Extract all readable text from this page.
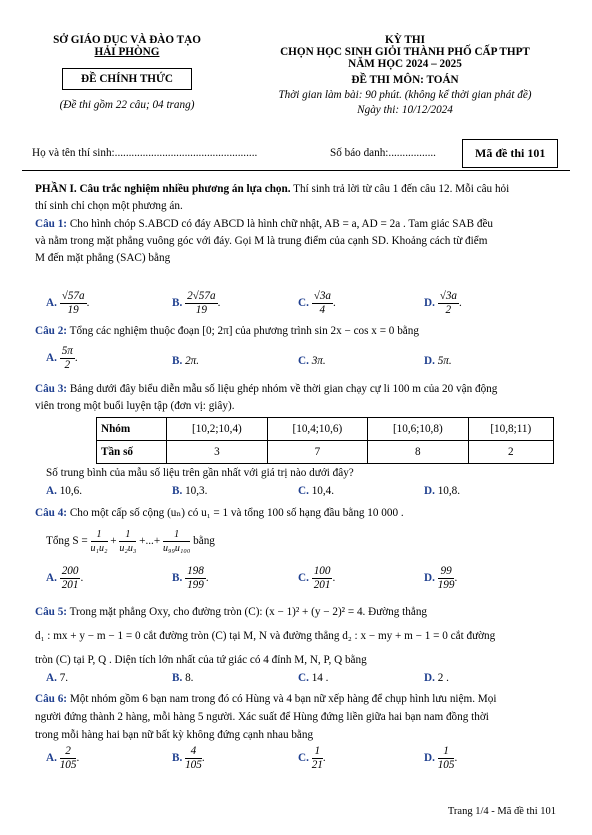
SỞ GIÁO DỤC VÀ ĐÀO TẠO
HẢI PHÒNG
ĐỀ CHÍNH THỨC
(Đề thi gồm 22 câu; 04 trang)
KỲ THI
CHỌN HỌC SINH GIỎI THÀNH PHỐ CẤP THPT
NĂM HỌC 2024 – 2025
ĐỀ THI MÔN: TOÁN
Thời gian làm bài: 90 phút. (không kể thời gian phát đề)
Ngày thi: 10/12/2024
Họ và tên thí sinh:...................................................	Số báo danh:.................	Mã đề thi 101
PHẦN I. Câu trắc nghiệm nhiều phương án lựa chọn. Thí sinh trả lời từ câu 1 đến câu 12. Mỗi câu hỏi
thí sinh chỉ chọn một phương án.
Câu 1: Cho hình chóp S.ABCD có đáy ABCD là hình chữ nhật, AB = a, AD = 2a . Tam giác SAB đều
và nằm trong mặt phẳng vuông góc với đáy. Gọi M là trung điểm của cạnh SD. Khoảng cách từ điểm
M đến mặt phẳng (SAC) bằng
A. $\frac{√57a}{19}$ .	B. $\frac{2√57a}{19}$ .	C. $\frac{√3a}{4}$ .	D. $\frac{√3a}{2}$ .
Câu 2: Tổng các nghiệm thuộc đoạn [0; 2π] của phương trình sin 2x − cos x = 0 bằng
A. $\frac{5\pi}{2}$ .	B. 2π.	C. 3π.	D. 5π.
Câu 3: Bảng dưới đây biểu diễn mẫu số liệu ghép nhóm về thời gian chạy cự li 100 m của 20 vận động
viên trong một buổi luyện tập (đơn vị: giây).
Nhóm	[10,2;10,4)	[10,4;10,6)	[10,6;10,8)	[10,8;11)
Tần số	3	7	8	2
Số trung bình của mẫu số liệu trên gần nhất với giá trị nào dưới đây?
A. 10,6.	B. 10,3.	C. 10,4.	D. 10,8.
Câu 4: Cho một cấp số cộng (uₙ) có u₁ = 1 và tổng 100 số hạng đầu bằng 10 000 .
Tổng $S = \frac{1}{\text{u₁u₂}} + \frac{1}{\text{u₂u₃}}$ +...+ $\frac{1}{\text{u₉₉u₁₀₀}}$ bằng
A. $\frac{200}{201}$ .	B. $\frac{198}{199}$ .	C. $\frac{100}{201}$ .	D. $\frac{99}{199}$ .
Câu 5: Trong mặt phẳng Oxy, cho đường tròn (C): (x − 1)² + (y − 2)² = 4. Đường thẳng
d₁ : mx + y − m − 1 = 0 cắt đường tròn (C) tại M, N và đường thẳng d₂ : x − my + m − 1 = 0 cắt đường
tròn (C) tại P, Q . Diện tích lớn nhất của tứ giác có 4 đỉnh M, N, P, Q bằng
A. 7.	B. 8.	C. 14 .	D. 2 .
Câu 6: Một nhóm gồm 6 bạn nam trong đó có Hùng và 4 bạn nữ xếp hàng để chụp hình lưu niệm. Mọi
người đứng thành 2 hàng, mỗi hàng 5 người. Xác suất để Hùng đứng liền giữa hai bạn nam đồng thời
trong mỗi hàng hai bạn nữ bất kỳ không đứng cạnh nhau bằng
A. $\frac{2}{105}$ .	B. $\frac{4}{105}$ .	C. $\frac{1}{21}$ .	D. $\frac{1}{105}$ .
Trang 1/4 - Mã đề thi 101
